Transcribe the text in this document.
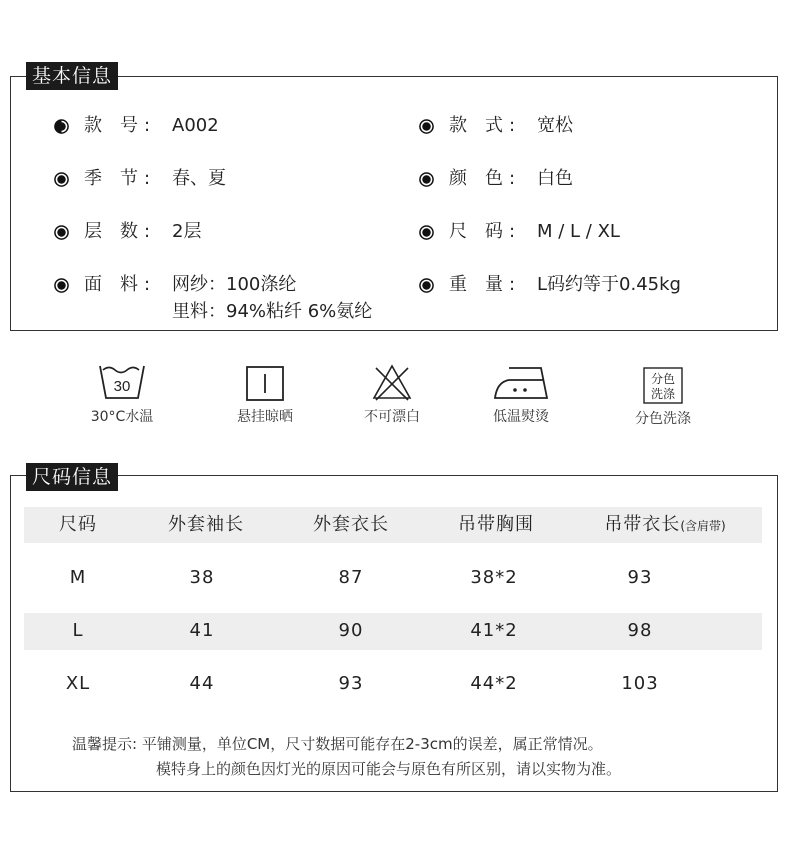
基本信息
款 号 : A002
季 节 : 春、夏
层 数 : 2层
面 料 : 网纱：100涤纶
里料：94%粘纤 6%氨纶
款 式 : 宽松
颜 色 : 白色
尺 码 : M / L / XL
重 量 : L码约等于0.45kg
30
30°C水温	悬挂晾晒	不可漂白	低温熨烫
分色
洗涤
分色洗涤
尺码信息
尺码	外套袖长	外套衣长	吊带胸围	吊带衣长(含肩带)
M	38	87	38*2	93
L	41	90	41*2	98
XL	44	93	44*2	103
温馨提示: 平铺测量，单位CM，尺寸数据可能存在2-3cm的误差，属正常情况。
模特身上的颜色因灯光的原因可能会与原色有所区别，请以实物为准。
